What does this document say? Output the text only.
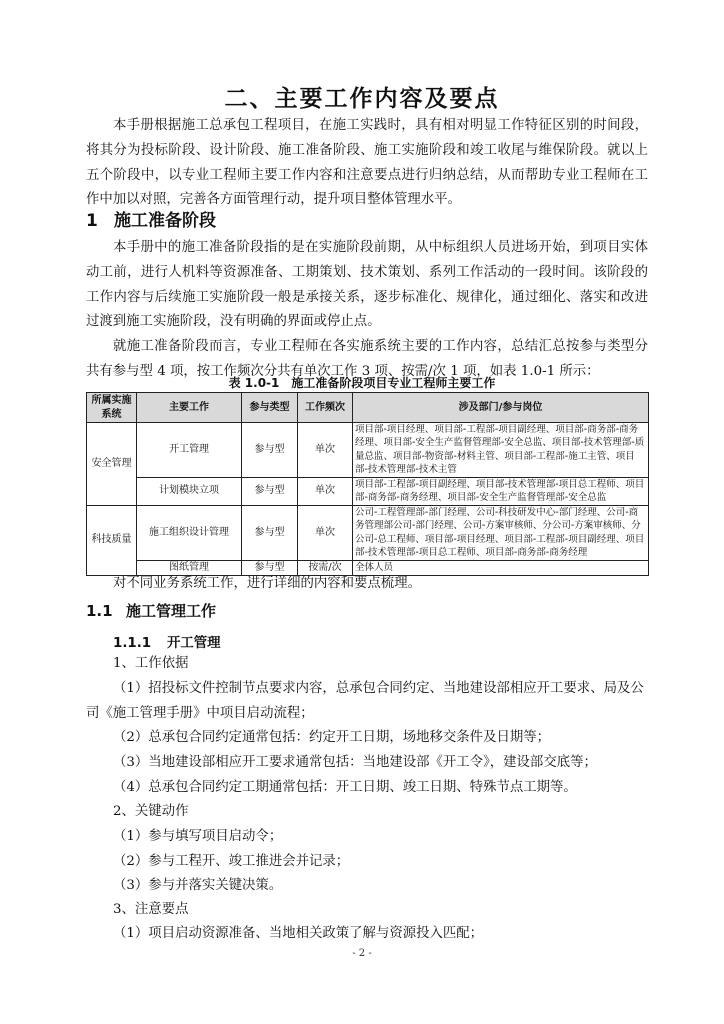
二、主要工作内容及要点

本手册根据施工总承包工程项目，在施工实践时，具有相对明显工作特征区别的时间段，将其分为投标阶段、设计阶段、施工准备阶段、施工实施阶段和竣工收尾与维保阶段。就以上五个阶段中，以专业工程师主要工作内容和注意要点进行归纳总结，从而帮助专业工程师在工作中加以对照，完善各方面管理行动，提升项目整体管理水平。

1 施工准备阶段

本手册中的施工准备阶段指的是在实施阶段前期，从中标组织人员进场开始，到项目实体动工前，进行人机料等资源准备、工期策划、技术策划、系列工作活动的一段时间。该阶段的工作内容与后续施工实施阶段一般是承接关系，逐步标准化、规律化，通过细化、落实和改进过渡到施工实施阶段，没有明确的界面或停止点。

就施工准备阶段而言，专业工程师在各实施系统主要的工作内容，总结汇总按参与类型分共有参与型 4 项，按工作频次分共有单次工作 3 项、按需/次 1 项，如表 1.0-1 所示：

表 1.0-1　施工准备阶段项目专业工程师主要工作
所属实施系统	主要工作	参与类型	工作频次	涉及部门/参与岗位
安全管理	开工管理	参与型	单次	项目部-项目经理、项目部-工程部-项目副经理、项目部-商务部-商务经理、项目部-安全生产监督管理部-安全总监、项目部-技术管理部-质量总监、项目部-物资部-材料主管、项目部-工程部-施工主管、项目部-技术管理部-技术主管
	计划模块立项	参与型	单次	项目部-工程部-项目副经理、项目部-技术管理部-项目总工程师、项目部-商务部-商务经理、项目部-安全生产监督管理部-安全总监
科技质量	施工组织设计管理	参与型	单次	公司-工程管理部-部门经理、公司-科技研发中心-部门经理、公司-商务管理部公司-部门经理、公司-方案审核师、分公司-方案审核师、分公司-总工程师、项目部-项目经理、项目部-工程部-项目副经理、项目部-技术管理部-项目总工程师、项目部-商务部-商务经理
	图纸管理	参与型	按需/次	全体人员

对不同业务系统工作，进行详细的内容和要点梳理。

1.1 施工管理工作
1.1.1 开工管理

1、工作依据

（1）招投标文件控制节点要求内容，总承包合同约定、当地建设部相应开工要求、局及公司《施工管理手册》中项目启动流程；

（2）总承包合同约定通常包括：约定开工日期，场地移交条件及日期等；

（3）当地建设部相应开工要求通常包括：当地建设部《开工令》，建设部交底等；

（4）总承包合同约定工期通常包括：开工日期、竣工日期、特殊节点工期等。

2、关键动作

（1）参与填写项目启动令；

（2）参与工程开、竣工推进会并记录；

（3）参与并落实关键决策。

3、注意要点

（1）项目启动资源准备、当地相关政策了解与资源投入匹配；

- 2 -
